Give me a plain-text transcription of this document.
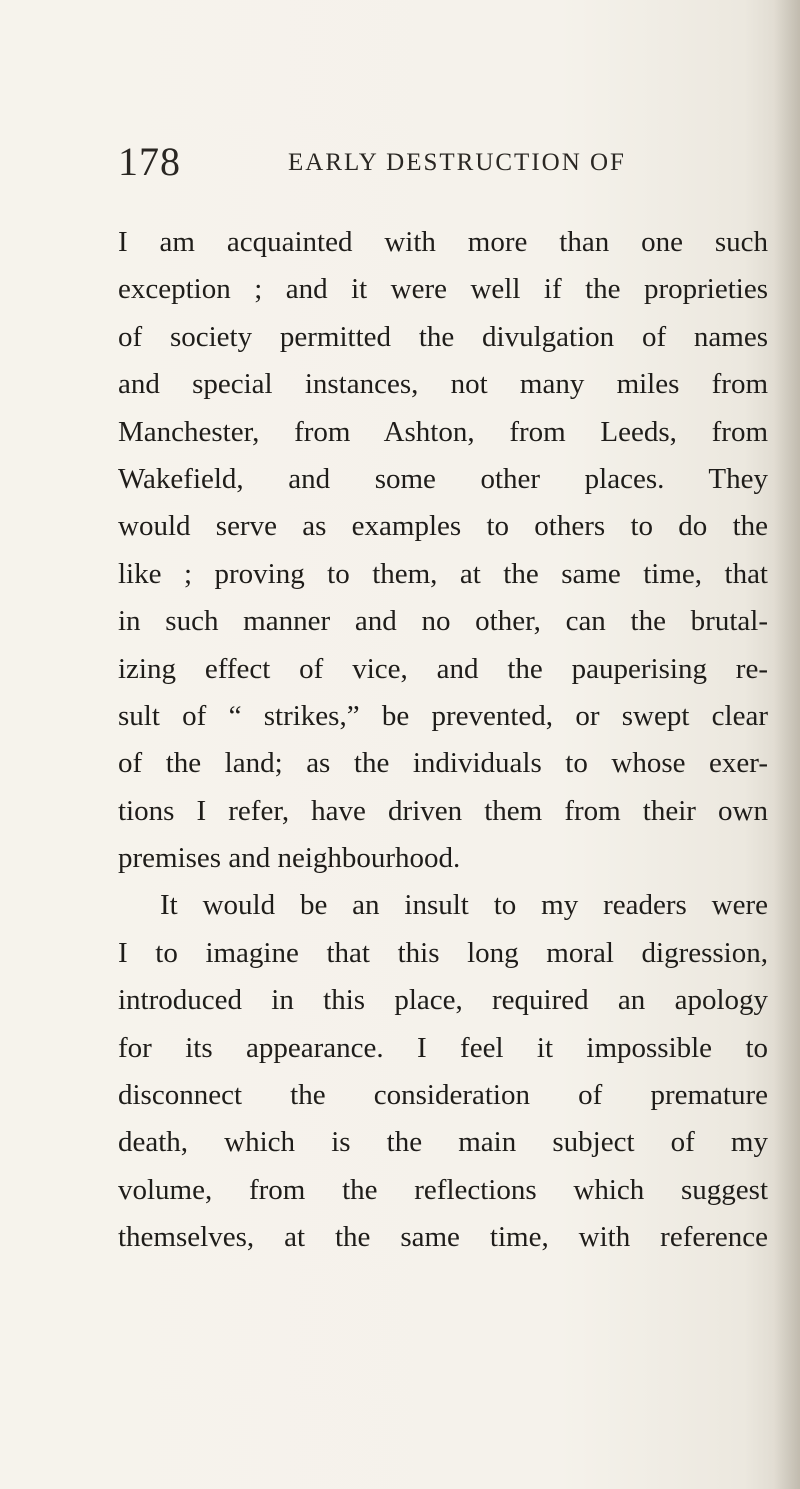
178	EARLY DESTRUCTION OF
I am acquainted with more than one such
exception ; and it were well if the proprieties
of society permitted the divulgation of names
and special instances, not many miles from
Manchester, from Ashton, from Leeds, from
Wakefield, and some other places. They
would serve as examples to others to do the
like ; proving to them, at the same time, that
in such manner and no other, can the brutal-
izing effect of vice, and the pauperising re-
sult of “ strikes,” be prevented, or swept clear
of the land; as the individuals to whose exer-
tions I refer, have driven them from their own
premises and neighbourhood.
It would be an insult to my readers were
I to imagine that this long moral digression,
introduced in this place, required an apology
for its appearance. I feel it impossible to
disconnect the consideration of premature
death, which is the main subject of my
volume, from the reflections which suggest
themselves, at the same time, with reference
